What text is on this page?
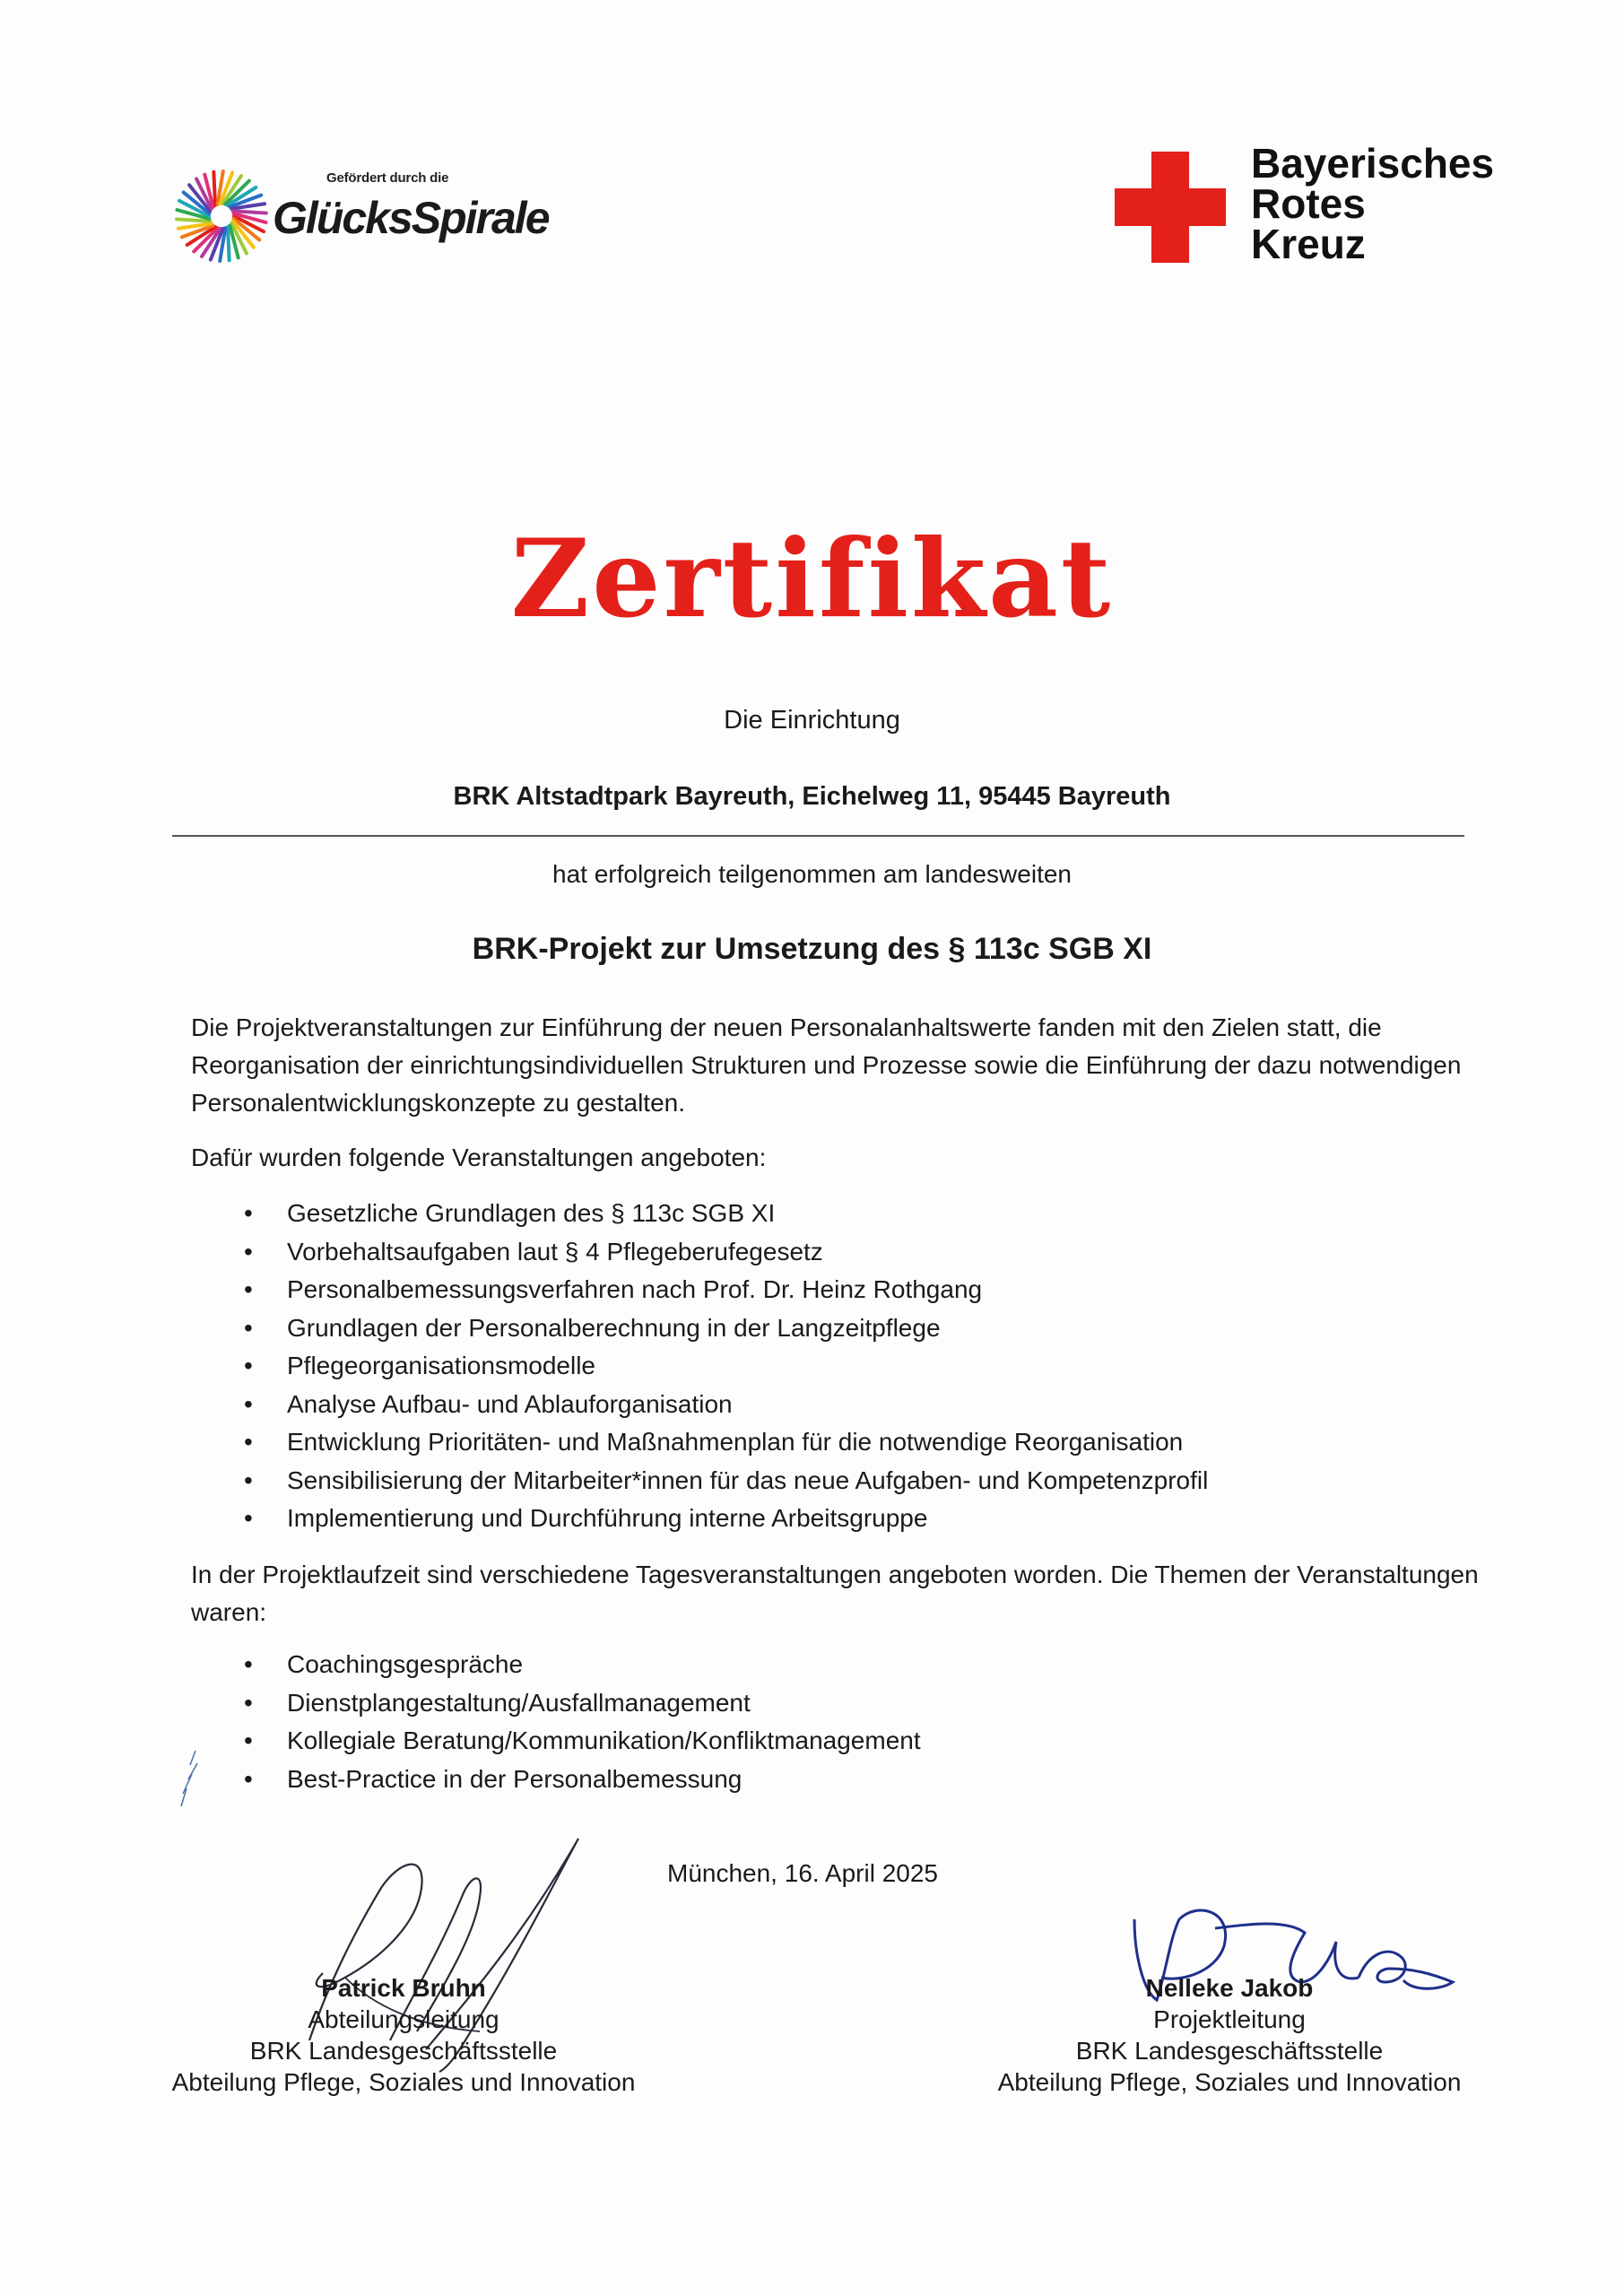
Gefördert durch die
GlücksSpirale
Bayerisches
Rotes
Kreuz
Zertifikat
Die Einrichtung
BRK Altstadtpark Bayreuth, Eichelweg 11, 95445 Bayreuth
hat erfolgreich teilgenommen am landesweiten
BRK-Projekt zur Umsetzung des § 113c SGB XI
Die Projektveranstaltungen zur Einführung der neuen Personalanhaltswerte fanden mit den Zielen statt, die Reorganisation der einrichtungsindividuellen Strukturen und Prozesse sowie die Einführung der dazu notwendigen Personalentwicklungskonzepte zu gestalten.
Dafür wurden folgende Veranstaltungen angeboten:
• Gesetzliche Grundlagen des § 113c SGB XI
• Vorbehaltsaufgaben laut § 4 Pflegeberufegesetz
• Personalbemessungsverfahren nach Prof. Dr. Heinz Rothgang
• Grundlagen der Personalberechnung in der Langzeitpflege
• Pflegeorganisationsmodelle
• Analyse Aufbau- und Ablauforganisation
• Entwicklung Prioritäten- und Maßnahmenplan für die notwendige Reorganisation
• Sensibilisierung der Mitarbeiter*innen für das neue Aufgaben- und Kompetenzprofil
• Implementierung und Durchführung interne Arbeitsgruppe
In der Projektlaufzeit sind verschiedene Tagesveranstaltungen angeboten worden. Die Themen der Veranstaltungen waren:
• Coachingsgespräche
• Dienstplangestaltung/Ausfallmanagement
• Kollegiale Beratung/Kommunikation/Konfliktmanagement
• Best-Practice in der Personalbemessung
München, 16. April 2025
Patrick Bruhn
Abteilungsleitung
BRK Landesgeschäftsstelle
Abteilung Pflege, Soziales und Innovation
Nelleke Jakob
Projektleitung
BRK Landesgeschäftsstelle
Abteilung Pflege, Soziales und Innovation
